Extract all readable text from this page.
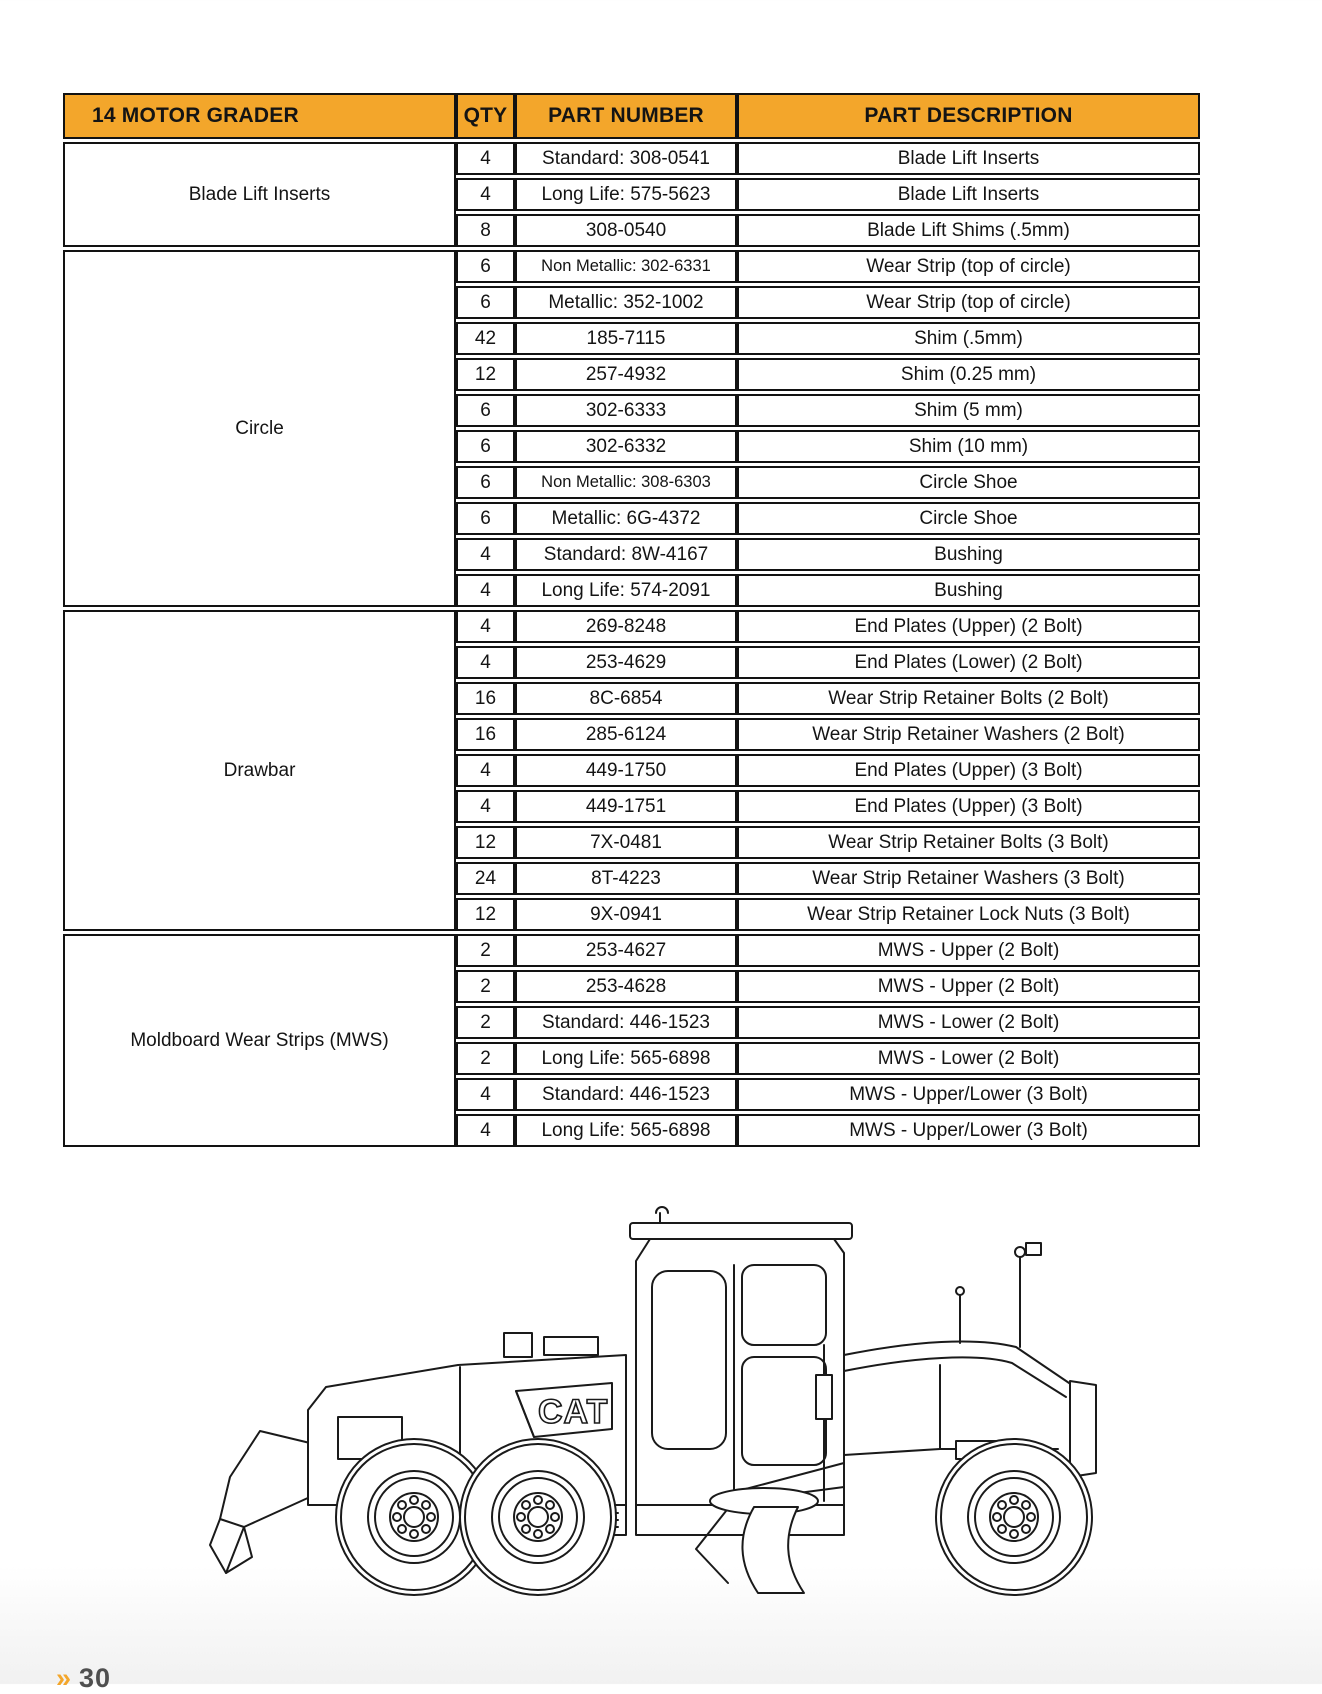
14 MOTOR GRADER	QTY	PART NUMBER	PART DESCRIPTION
Blade Lift Inserts	4	Standard: 308-0541	Blade Lift Inserts
	4	Long Life: 575-5623	Blade Lift Inserts
	8	308-0540	Blade Lift Shims (.5mm)
Circle	6	Non Metallic: 302-6331	Wear Strip (top of circle)
	6	Metallic: 352-1002	Wear Strip (top of circle)
	42	185-7115	Shim (.5mm)
	12	257-4932	Shim (0.25 mm)
	6	302-6333	Shim (5 mm)
	6	302-6332	Shim (10 mm)
	6	Non Metallic: 308-6303	Circle Shoe
	6	Metallic: 6G-4372	Circle Shoe
	4	Standard: 8W-4167	Bushing
	4	Long Life: 574-2091	Bushing
Drawbar	4	269-8248	End Plates (Upper) (2 Bolt)
	4	253-4629	End Plates (Lower) (2 Bolt)
	16	8C-6854	Wear Strip Retainer Bolts (2 Bolt)
	16	285-6124	Wear Strip Retainer Washers (2 Bolt)
	4	449-1750	End Plates (Upper) (3 Bolt)
	4	449-1751	End Plates (Upper) (3 Bolt)
	12	7X-0481	Wear Strip Retainer Bolts (3 Bolt)
	24	8T-4223	Wear Strip Retainer Washers (3 Bolt)
	12	9X-0941	Wear Strip Retainer Lock Nuts (3 Bolt)
Moldboard Wear Strips (MWS)	2	253-4627	MWS - Upper (2 Bolt)
	2	253-4628	MWS - Upper (2 Bolt)
	2	Standard: 446-1523	MWS - Lower (2 Bolt)
	2	Long Life: 565-6898	MWS - Lower (2 Bolt)
	4	Standard: 446-1523	MWS - Upper/Lower (3 Bolt)
	4	Long Life: 565-6898	MWS - Upper/Lower (3 Bolt)
CAT
» 30
